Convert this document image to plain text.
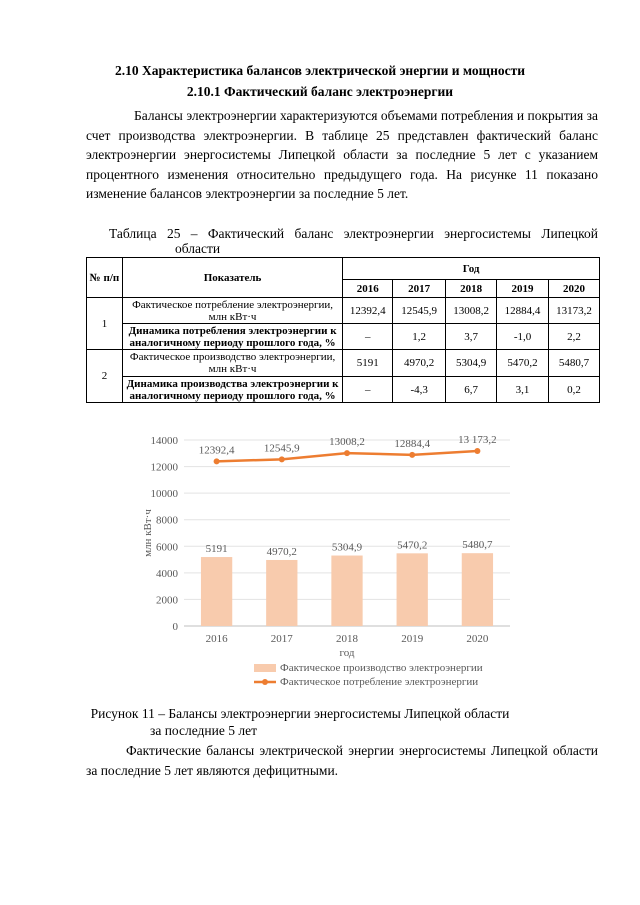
2.10 Характеристика балансов электрической энергии и мощности
2.10.1 Фактический баланс электроэнергии

Балансы электроэнергии характеризуются объемами потребления и покрытия за счет производства электроэнергии. В таблице 25 представлен фактический баланс электроэнергии энергосистемы Липецкой области за последние 5 лет с указанием процентного изменения относительно предыдущего года. На рисунке 11 показано изменение балансов электроэнергии за последние 5 лет.

Таблица 25 – Фактический баланс электроэнергии энергосистемы Липецкой
области
№ п/п	Показатель	Год				
		2016	2017	2018	2019	2020
1	Фактическое потребление электроэнергии, млн кВт·ч	12392,4	12545,9	13008,2	12884,4	13173,2
	Динамика потребления электроэнергии к аналогичному периоду прошлого года, %	–	1,2	3,7	-1,0	2,2
2	Фактическое производство электроэнергии, млн кВт·ч	5191	4970,2	5304,9	5470,2	5480,7
	Динамика производства электроэнергии к аналогичному периоду прошлого года, %	–	-4,3	6,7	3,1	0,2
0
2000
4000
6000
8000
10000
12000
14000
млн кВт·ч	5191	4970,2	5304,9	5470,2	5480,7
12392,4	12545,9
13008,2	12884,4	13 173,2
2016	2017	2018	2019	2020
год
Фактическое производство электроэнергии
Фактическое потребление электроэнергии
Рисунок 11 – Балансы электроэнергии энергосистемы Липецкой области
за последние 5 лет

Фактические балансы электрической энергии энергосистемы Липецкой области за последние 5 лет являются дефицитными.
